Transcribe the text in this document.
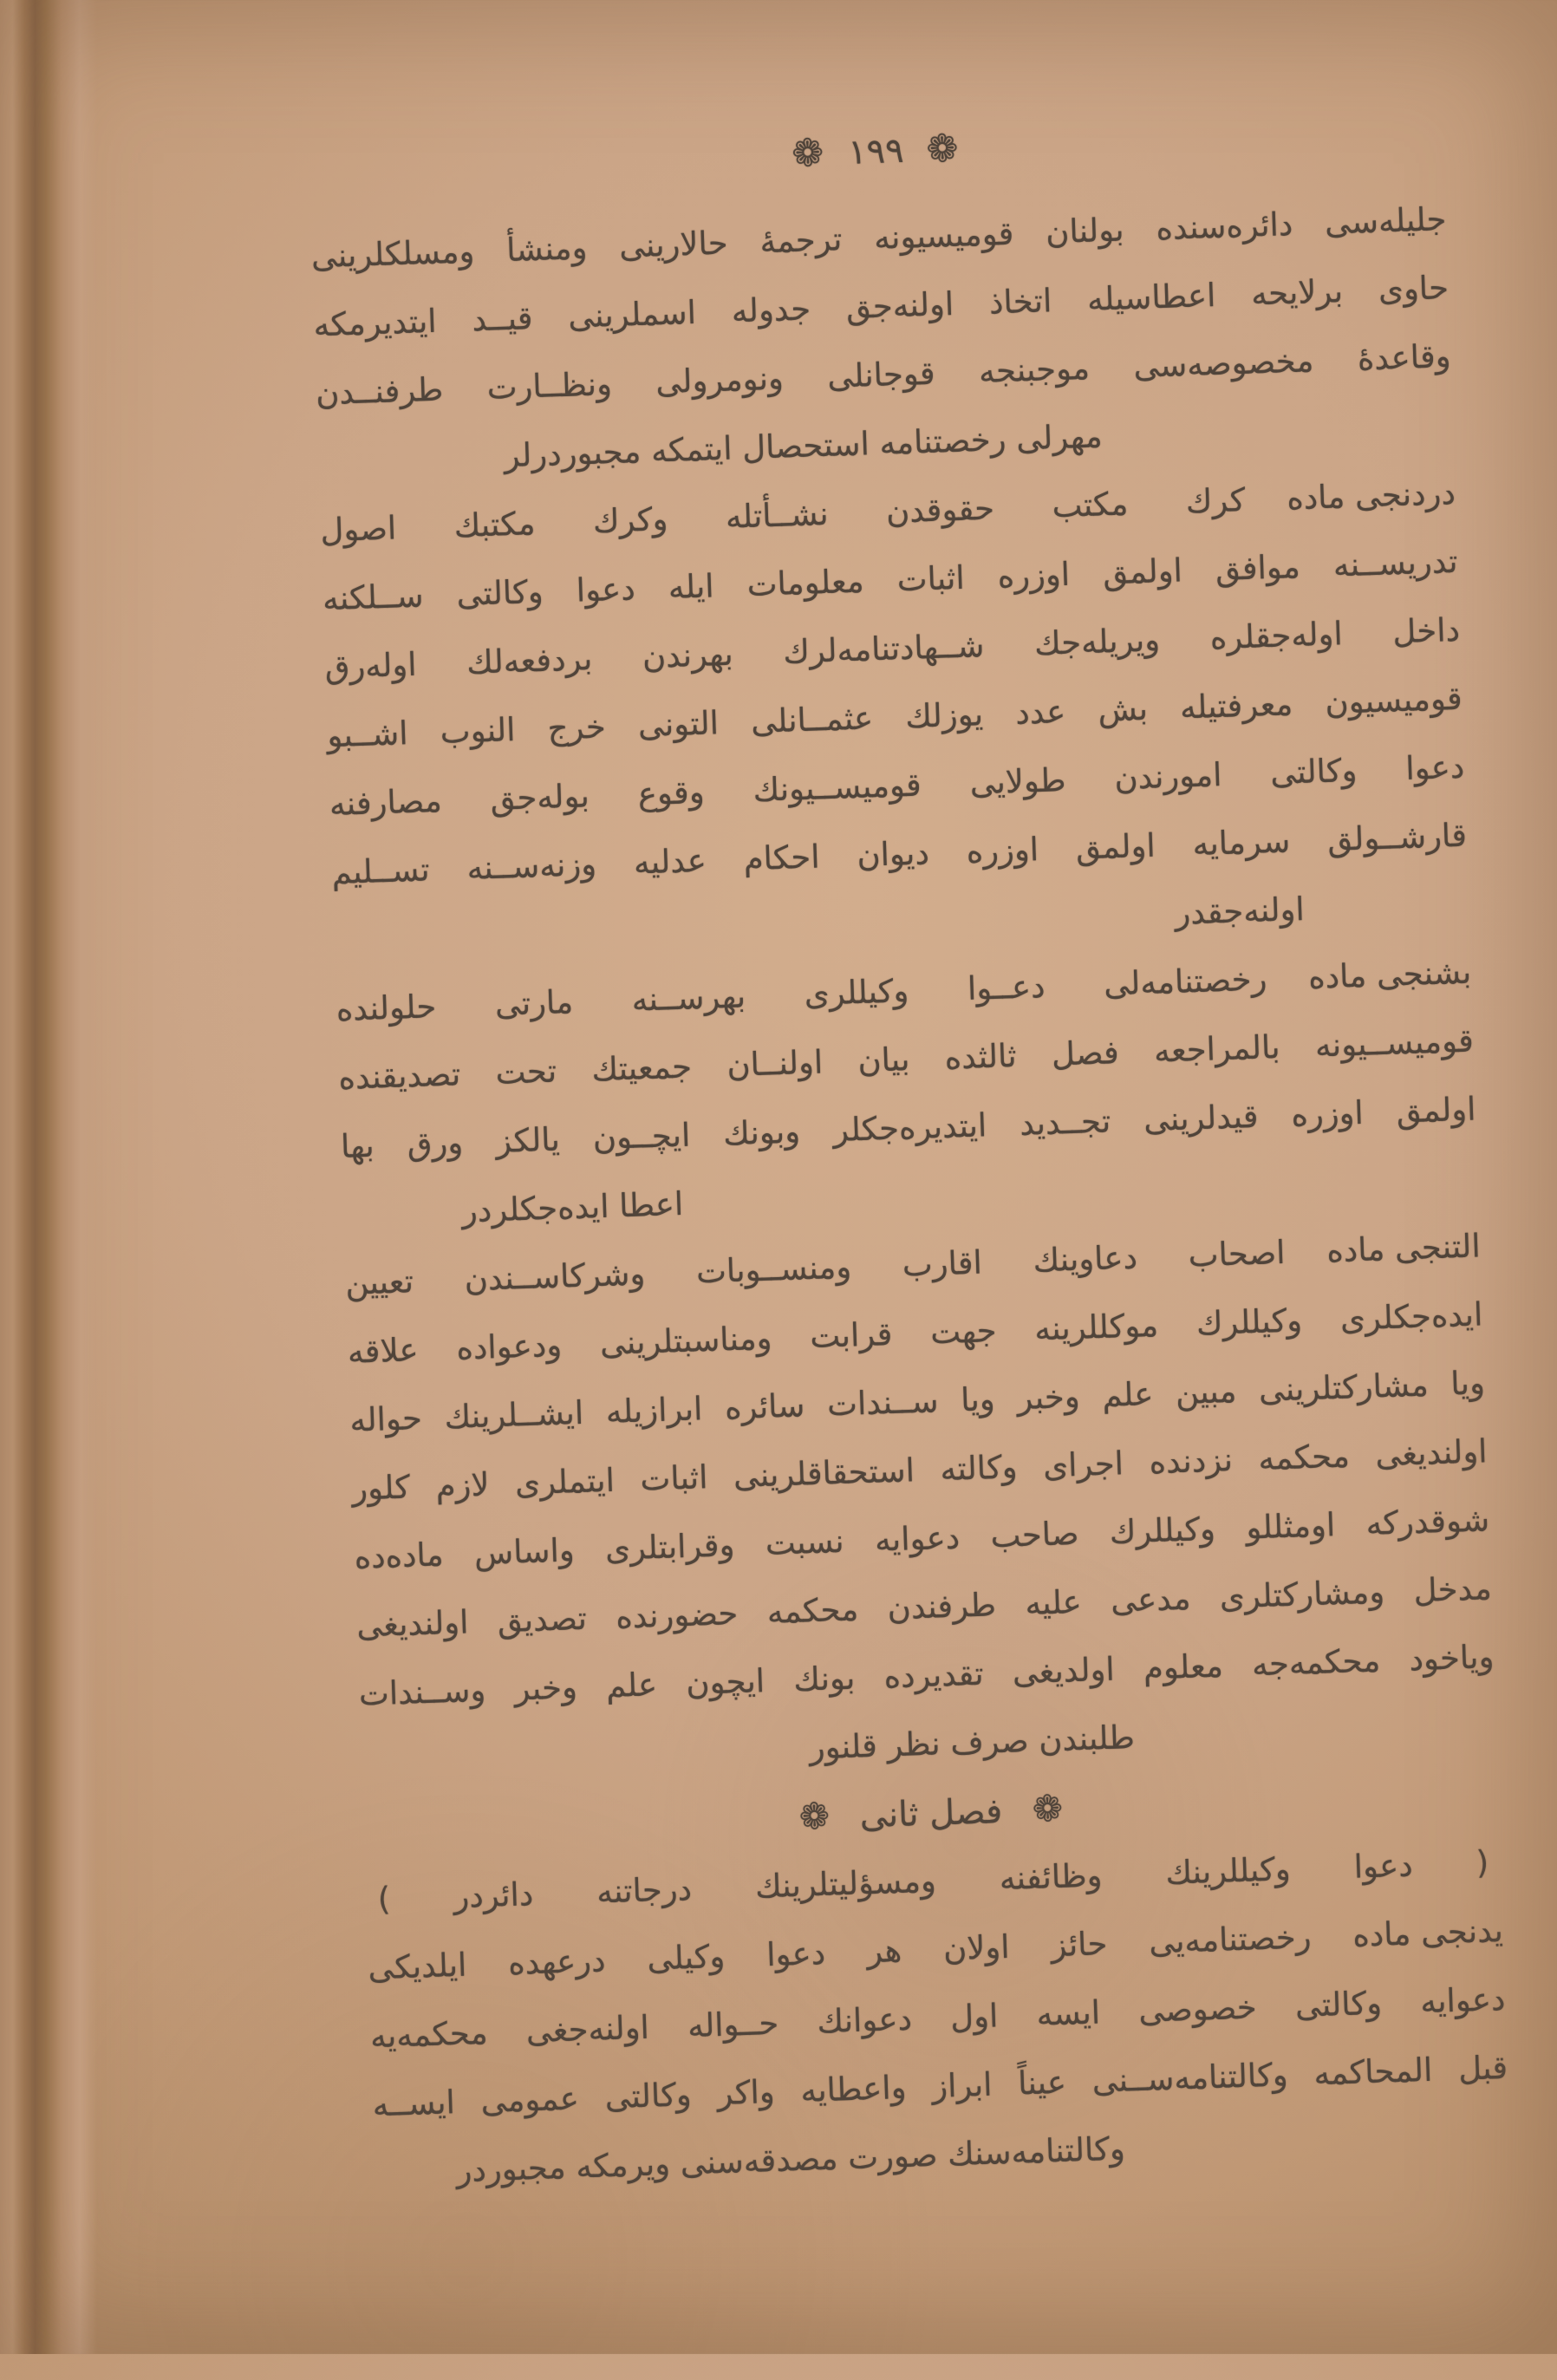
❁
١٩٩
❁
جليله‌سی دائره‌سنده بولنان قوميسيونه ترجمهٔ حالارينی ومنشأ ومسلكلرينی
حاوی برلايحه اعطاسيله اتخاذ اولنه‌جق جدوله اسملرينی قيــد ايتديرمكه
وقاعدهٔ مخصوصه‌سی موجبنجه قوجانلی ونومرولی ونظــارت طرفنــدن
مهرلی رخصتنامه استحصال ايتمكه مجبوردرلر
دردنجی ماده
كرك مكتب حقوقدن نشــأتله وكرك مكتبك اصول
تدريســنه موافق اولمق اوزره اثبات معلومات ايله دعوا وكالتی ســلكنه
داخل اوله‌جقلره ويريله‌جك شــهادتنامه‌لرك بهرندن بردفعه‌لك اوله‌رق
قوميسيون معرفتيله بش عدد يوزلك عثمــانلی التونی خرج النوب اشــبو
دعوا وكالتی امورندن طولايی قوميســيونك وقوع بوله‌جق مصارفنه
قارشــولق سرمايه اولمق اوزره ديوان احكام عدليه وزنه‌ســنه تســليم
اولنه‌جقدر
بشنجی ماده
رخصتنامه‌لی دعــوا وكيللری بهرســنه مارتی حلولنده
قوميســيونه بالمراجعه فصل ثالثده بيان اولنــان جمعيتك تحت تصديقنده
اولمق اوزره قيدلرينی تجــديد ايتديره‌جكلر وبونك ايچــون يالكز ورق بها
اعطا ايده‌جكلردر
التنجی ماده
اصحاب دعاوينك اقارب ومنســوبات وشركاســندن تعيين
ايده‌جكلری وكيللرك موكللرينه جهت قرابت ومناسبتلرينی ودعواده علاقه
ويا مشاركتلرينی مبين علم وخبر ويا ســندات سائره ابرازيله ايشــلرينك حواله
اولنديغی محكمه نزدنده اجرای وكالته استحقاقلرينی اثبات ايتملری لازم كلور
شوقدركه اومثللو وكيللرك صاحب دعوايه نسبت وقرابتلری واساس ماده‌ده
مدخل ومشاركتلری مدعی عليه طرفندن محكمه حضورنده تصديق اولنديغی
وياخود محكمه‌جه معلوم اولديغی تقديرده بونك ايچون علم وخبر وســندات
طلبندن صرف نظر قلنور
❁ فصل ثانی ❁
( دعوا وكيللرينك وظائفنه ومسؤليتلرينك درجاتنه دائردر )
يدنجی ماده
رخصتنامه‌يی حائز اولان هر دعوا وكيلی درعهده ايلديكی
دعوايه وكالتی خصوصی ايسه اول دعوانك حــواله اولنه‌جغی محكمه‌يه
قبل المحاكمه وكالتنامه‌ســنی عيناً ابراز واعطايه واكر وكالتی عمومی ايســه
وكالتنامه‌سنك صورت مصدقه‌سنی ويرمكه مجبوردر
